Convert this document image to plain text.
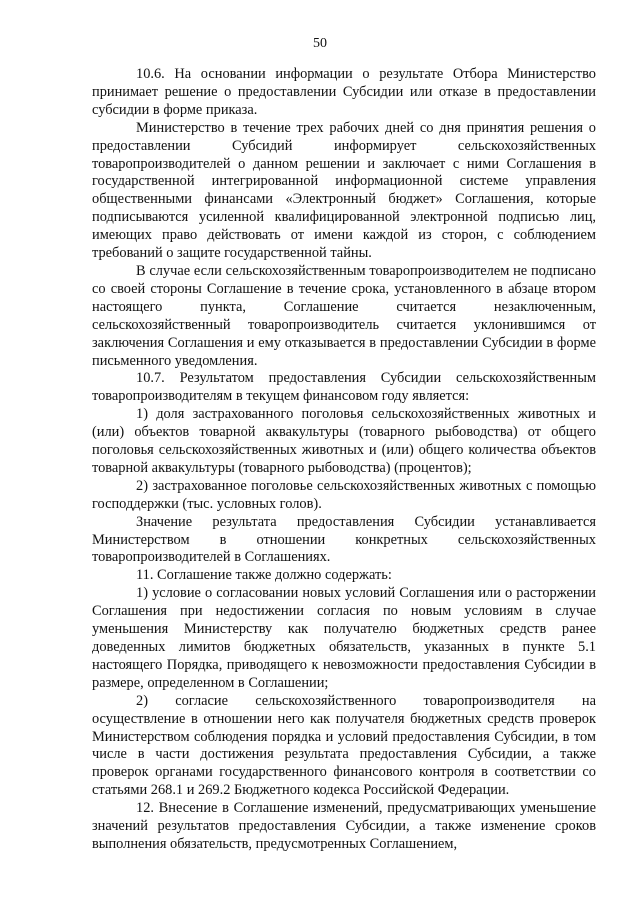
50

10.6. На основании информации о результате Отбора Министерство принимает решение о предоставлении Субсидии или отказе в предоставлении субсидии в форме приказа.

Министерство в течение трех рабочих дней со дня принятия решения о предоставлении Субсидий информирует сельскохозяйственных товаропроизводителей о данном решении и заключает с ними Соглашения в государственной интегрированной информационной системе управления общественными финансами «Электронный бюджет» Соглашения, которые подписываются усиленной квалифицированной электронной подписью лиц, имеющих право действовать от имени каждой из сторон, с соблюдением требований о защите государственной тайны.

В случае если сельскохозяйственным товаропроизводителем не подписано со своей стороны Соглашение в течение срока, установленного в абзаце втором настоящего пункта, Соглашение считается незаключенным, сельскохозяйственный товаропроизводитель считается уклонившимся от заключения Соглашения и ему отказывается в предоставлении Субсидии в форме письменного уведомления.

10.7. Результатом предоставления Субсидии сельскохозяйственным товаропроизводителям в текущем финансовом году является:

1) доля застрахованного поголовья сельскохозяйственных животных и (или) объектов товарной аквакультуры (товарного рыбоводства) от общего поголовья сельскохозяйственных животных и (или) общего количества объектов товарной аквакультуры (товарного рыбоводства) (процентов);

2) застрахованное поголовье сельскохозяйственных животных с помощью господдержки (тыс. условных голов).

Значение результата предоставления Субсидии устанавливается Министерством в отношении конкретных сельскохозяйственных товаропроизводителей в Соглашениях.

11. Соглашение также должно содержать:

1) условие о согласовании новых условий Соглашения или о расторжении Соглашения при недостижении согласия по новым условиям в случае уменьшения Министерству как получателю бюджетных средств ранее доведенных лимитов бюджетных обязательств, указанных в пункте 5.1 настоящего Порядка, приводящего к невозможности предоставления Субсидии в размере, определенном в Соглашении;

2) согласие сельскохозяйственного товаропроизводителя на осуществление в отношении него как получателя бюджетных средств проверок Министерством соблюдения порядка и условий предоставления Субсидии, в том числе в части достижения результата предоставления Субсидии, а также проверок органами государственного финансового контроля в соответствии со статьями 268.1 и 269.2 Бюджетного кодекса Российской Федерации.

12. Внесение в Соглашение изменений, предусматривающих уменьшение значений результатов предоставления Субсидии, а также изменение сроков выполнения обязательств, предусмотренных Соглашением,
